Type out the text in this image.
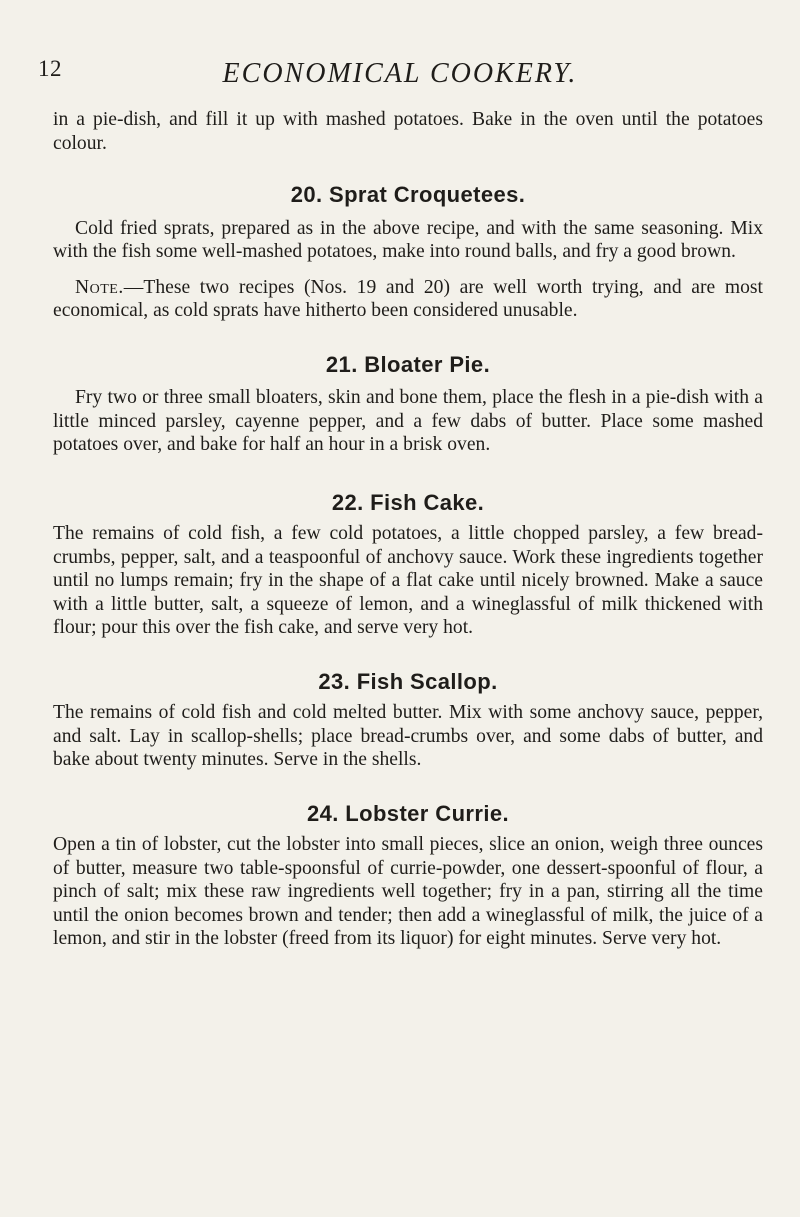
12	ECONOMICAL COOKERY.

in a pie-dish, and fill it up with mashed potatoes. Bake in the oven until the potatoes colour.

20. Sprat Croquetees.

Cold fried sprats, prepared as in the above recipe, and with the same seasoning. Mix with the fish some well-mashed potatoes, make into round balls, and fry a good brown.

Note.—These two recipes (Nos. 19 and 20) are well worth trying, and are most economical, as cold sprats have hitherto been considered unusable.

21. Bloater Pie.

Fry two or three small bloaters, skin and bone them, place the flesh in a pie-dish with a little minced parsley, cayenne pepper, and a few dabs of butter. Place some mashed potatoes over, and bake for half an hour in a brisk oven.

22. Fish Cake.

The remains of cold fish, a few cold potatoes, a little chopped parsley, a few bread-crumbs, pepper, salt, and a teaspoonful of anchovy sauce. Work these ingredients together until no lumps remain; fry in the shape of a flat cake until nicely browned. Make a sauce with a little butter, salt, a squeeze of lemon, and a wineglassful of milk thickened with flour; pour this over the fish cake, and serve very hot.

23. Fish Scallop.

The remains of cold fish and cold melted butter. Mix with some anchovy sauce, pepper, and salt. Lay in scallop-shells; place bread-crumbs over, and some dabs of butter, and bake about twenty minutes. Serve in the shells.

24. Lobster Currie.

Open a tin of lobster, cut the lobster into small pieces, slice an onion, weigh three ounces of butter, measure two table-spoonsful of currie-powder, one dessert-spoonful of flour, a pinch of salt; mix these raw ingredients well together; fry in a pan, stirring all the time until the onion becomes brown and tender; then add a wineglassful of milk, the juice of a lemon, and stir in the lobster (freed from its liquor) for eight minutes. Serve very hot.
